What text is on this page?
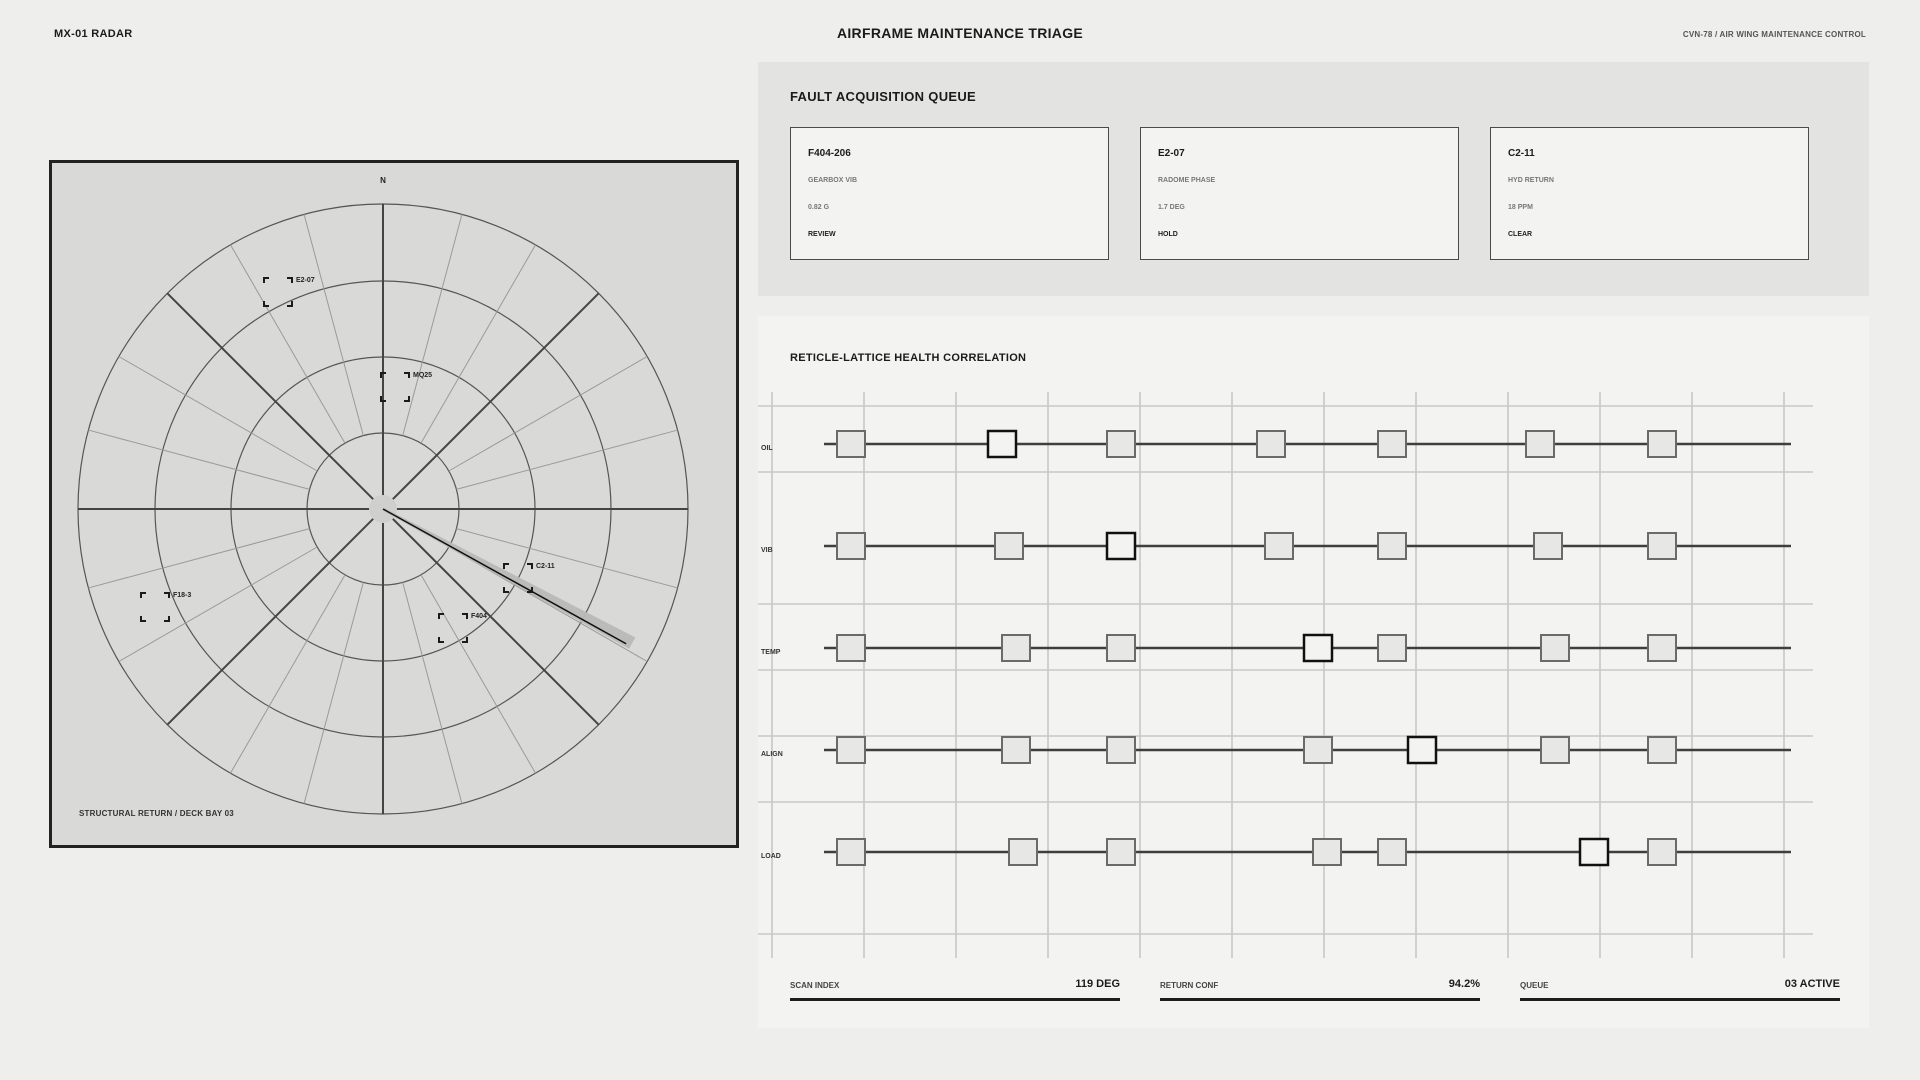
MX-01 RADAR	AIRFRAME MAINTENANCE TRIAGE	CVN-78 / AIR WING MAINTENANCE CONTROL
N
E2-07
MQ25
C2-11
F404
F18-3
STRUCTURAL RETURN / DECK BAY 03
FAULT ACQUISITION QUEUE
F404-206
GEARBOX VIB
0.82 G
REVIEW
E2-07
RADOME PHASE
1.7 DEG
HOLD
C2-11
HYD RETURN
18 PPM
CLEAR
RETICLE-LATTICE HEALTH CORRELATION
OIL
VIB
TEMP
ALIGN
LOAD
SCAN INDEX	119 DEG	RETURN CONF	94.2%	QUEUE	03 ACTIVE
